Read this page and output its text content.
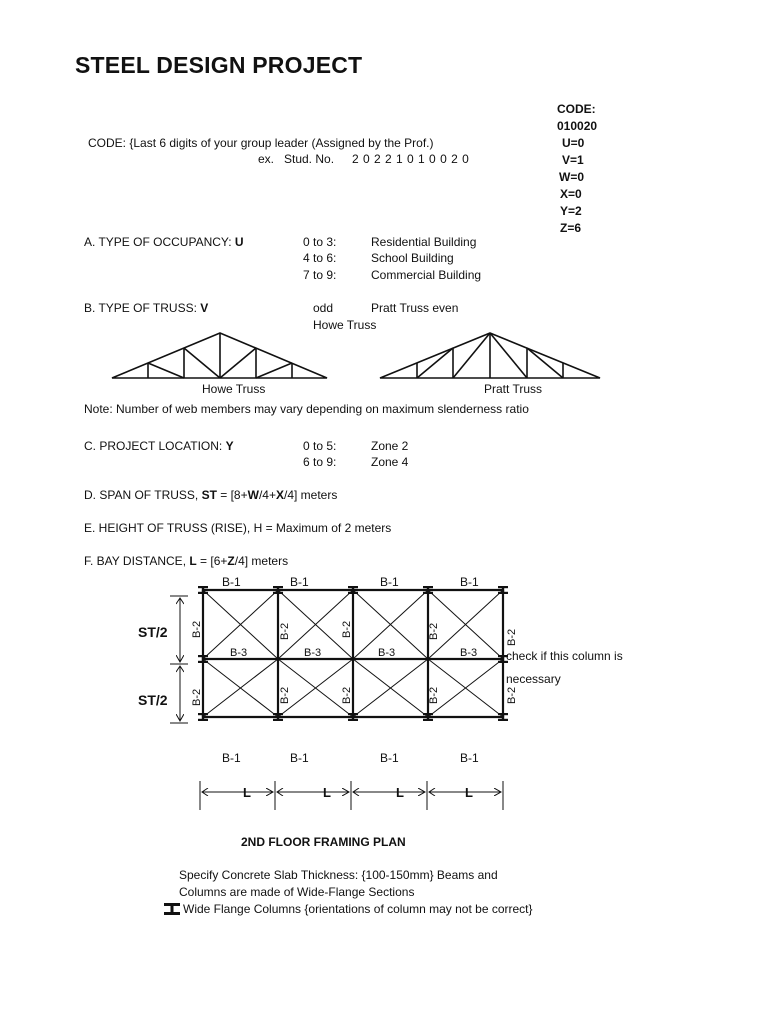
STEEL DESIGN PROJECT
CODE:
010020
U=0
V=1
W=0
X=0
Y=2
Z=6
CODE: {Last 6 digits of your group leader (Assigned by the Prof.)
ex. Stud. No. 2 0 2 2 1 0 1 0 0 2 0
A. TYPE OF OCCUPANCY: U	0 to 3:	Residential Building
4 to 6:	School Building
7 to 9:	Commercial Building
B. TYPE OF TRUSS: V	odd	Pratt Truss even
Howe Truss
Howe Truss	Pratt Truss
Note: Number of web members may vary depending on maximum slenderness ratio
C. PROJECT LOCATION: Y	0 to 5:	Zone 2
6 to 9:	Zone 4
D. SPAN OF TRUSS, ST = [8+W/4+X/4] meters
E. HEIGHT OF TRUSS (RISE), H = Maximum of 2 meters
F. BAY DISTANCE, L = [6+Z/4] meters
B-1	B-1	B-1	B-1
B-3	B-3	B-3	B-3
B-2	B-2	B-2	B-2	B-2
B-2	B-2	B-2	B-2	B-2
ST/2
ST/2
B-1	B-1	B-1	B-1
L	L	L	L
check if this column is
necessary
2ND FLOOR FRAMING PLAN
Specify Concrete Slab Thickness: {100-150mm} Beams and
Columns are made of Wide-Flange Sections
Wide Flange Columns {orientations of column may not be correct}
